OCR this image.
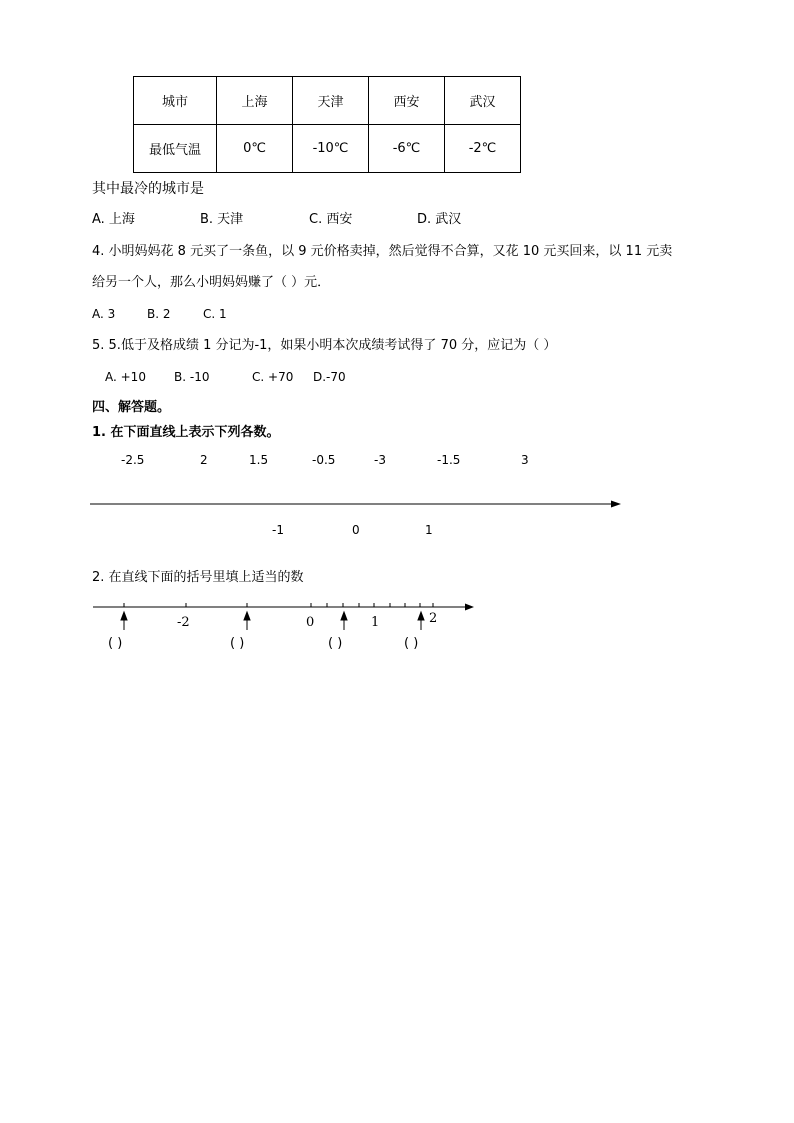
城市	上海	天津	西安	武汉
最低气温	0℃	-10℃	-6℃	-2℃
其中最冷的城市是
A. 上海	B. 天津	C. 西安	D. 武汉
4. 小明妈妈花 8 元买了一条鱼，以 9 元价格卖掉，然后觉得不合算，又花 10 元买回来，以 11 元卖
给另一个人，那么小明妈妈赚了（ ）元．
A. 3	B. 2	C. 1
5. 5.低于及格成绩 1 分记为-1，如果小明本次成绩考试得了 70 分，应记为（ ）
A. +10 B. -10	C. +70 D.-70
四、解答题。
1. 在下面直线上表示下列各数。
-2.5	2	1.5	-0.5	-3	-1.5	3
-1	0	1
2. 在直线下面的括号里填上适当的数
-2	0	1	2
( )	( )	( )	( )
